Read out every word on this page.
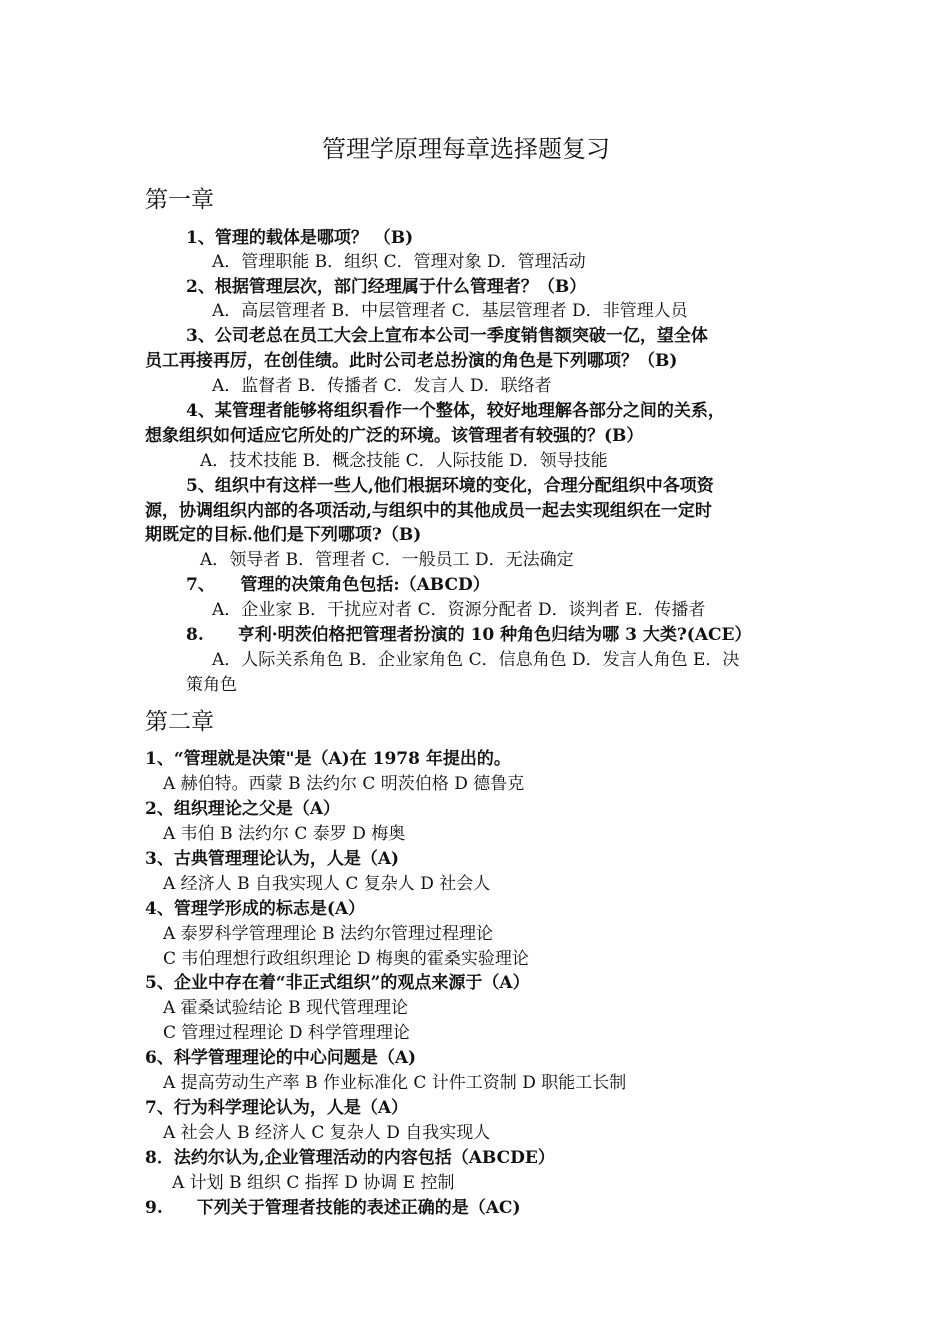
管理学原理每章选择题复习
第一章
1、管理的载体是哪项？ （B)
A．管理职能 B．组织 C．管理对象 D．管理活动
2、根据管理层次，部门经理属于什么管理者？（B）
A．高层管理者 B．中层管理者 C．基层管理者 D．非管理人员
3、公司老总在员工大会上宣布本公司一季度销售额突破一亿，望全体
员工再接再厉，在创佳绩。此时公司老总扮演的角色是下列哪项？（B)
A．监督者 B．传播者 C．发言人 D．联络者
4、某管理者能够将组织看作一个整体，较好地理解各部分之间的关系，
想象组织如何适应它所处的广泛的环境。该管理者有较强的？(B）
A．技术技能 B．概念技能 C．人际技能 D．领导技能
5、组织中有这样一些人,他们根据环境的变化，合理分配组织中各项资
源，协调组织内部的各项活动,与组织中的其他成员一起去实现组织在一定时
期既定的目标.他们是下列哪项?（B)
A．领导者 B．管理者 C．一般员工 D．无法确定
7、　　管理的决策角色包括:（ABCD）
A．企业家 B．干扰应对者 C．资源分配者 D．谈判者 E．传播者
8.　　亨利·明茨伯格把管理者扮演的 10 种角色归结为哪 3 大类?(ACE）
A．人际关系角色 B．企业家角色 C．信息角色 D．发言人角色 E．决
策角色
第二章
1、“管理就是决策"是（A)在 1978 年提出的。
A 赫伯特。西蒙 B 法约尔 C 明茨伯格 D 德鲁克
2、组织理论之父是（A）
A 韦伯 B 法约尔 C 泰罗 D 梅奥
3、古典管理理论认为，人是（A)
A 经济人 B 自我实现人 C 复杂人 D 社会人
4、管理学形成的标志是(A）
A 泰罗科学管理理论 B 法约尔管理过程理论
C 韦伯理想行政组织理论 D 梅奥的霍桑实验理论
5、企业中存在着“非正式组织”的观点来源于（A）
A 霍桑试验结论 B 现代管理理论
C 管理过程理论 D 科学管理理论
6、科学管理理论的中心问题是（A)
A 提高劳动生产率 B 作业标准化 C 计件工资制 D 职能工长制
7、行为科学理论认为，人是（A）
A 社会人 B 经济人 C 复杂人 D 自我实现人
8．法约尔认为,企业管理活动的内容包括（ABCDE）
A 计划 B 组织 C 指挥 D 协调 E 控制
9.　　下列关于管理者技能的表述正确的是（AC)
